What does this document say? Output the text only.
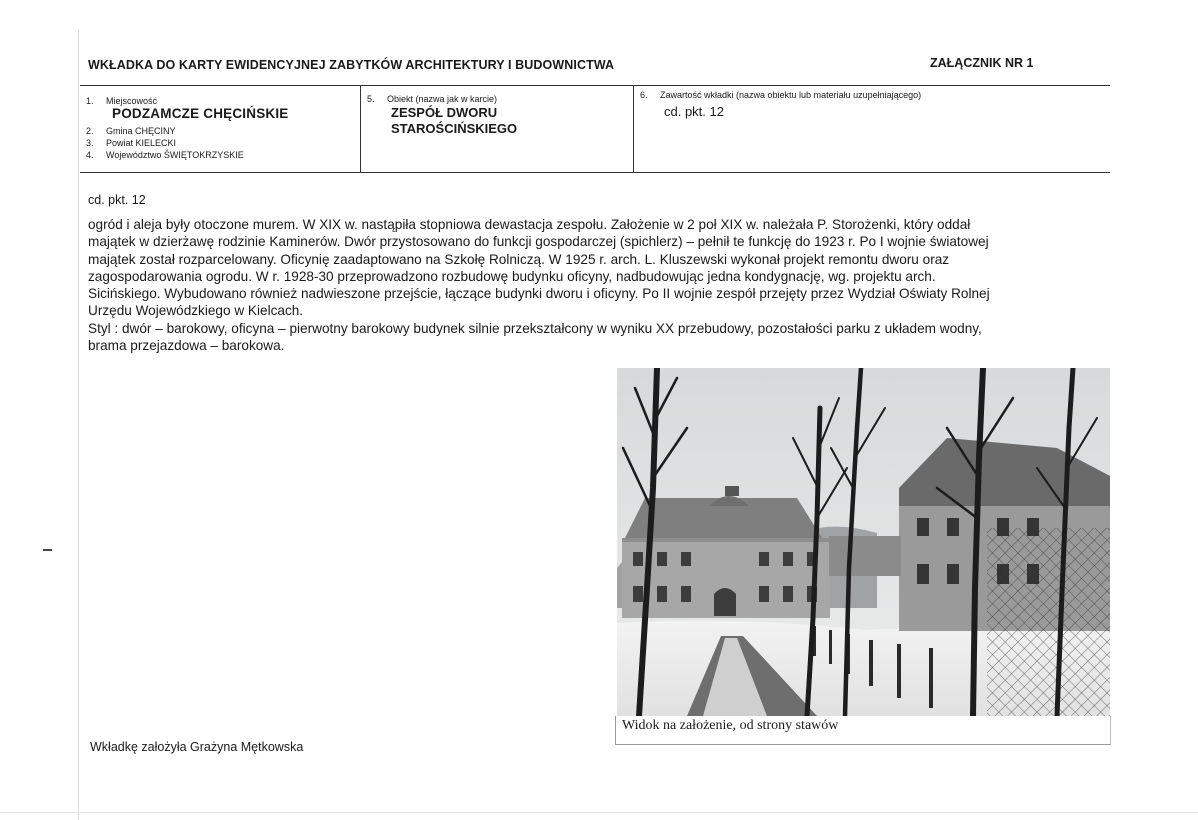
WKŁADKA DO KARTY EWIDENCYJNEJ ZABYTKÓW ARCHITEKTURY I BUDOWNICTWA	ZAŁĄCZNIK NR 1
1. Miejscowość
PODZAMCZE CHĘCIŃSKIE
2. Gmina CHĘCINY
3. Powiat KIELECKI
4. Województwo ŚWIĘTOKRZYSKIE
5. Obiekt (nazwa jak w karcie)
ZESPÓŁ DWORU
STAROŚCIŃSKIEGO
6. Zawartość wkładki (nazwa obiektu lub materiału uzupełniającego)
cd. pkt. 12
cd. pkt. 12

ogród i aleja były otoczone murem. W XIX w. nastąpiła stopniowa dewastacja zespołu. Założenie w 2 poł XIX w. należała P. Storożenki, który oddał

majątek w dzierżawę rodzinie Kaminerów. Dwór przystosowano do funkcji gospodarczej (spichlerz) – pełnił te funkcję do 1923 r. Po I wojnie światowej

majątek został rozparcelowany. Oficynię zaadaptowano na Szkołę Rolniczą. W 1925 r. arch. L. Kluszewski wykonał projekt remontu dworu oraz

zagospodarowania ogrodu. W r. 1928-30 przeprowadzono rozbudowę budynku oficyny, nadbudowując jedna kondygnację, wg. projektu arch.

Sicińskiego. Wybudowano również nadwieszone przejście, łączące budynki dworu i oficyny. Po II wojnie zespół przejęty przez Wydział Oświaty Rolnej

Urzędu Wojewódzkiego w Kielcach.

Styl : dwór – barokowy, oficyna – pierwotny barokowy budynek silnie przekształcony w wyniku XX przebudowy, pozostałości parku z układem wodny,

brama przejazdowa – barokowa.

Widok na założenie, od strony stawów
Wkładkę założyła Grażyna Mętkowska
